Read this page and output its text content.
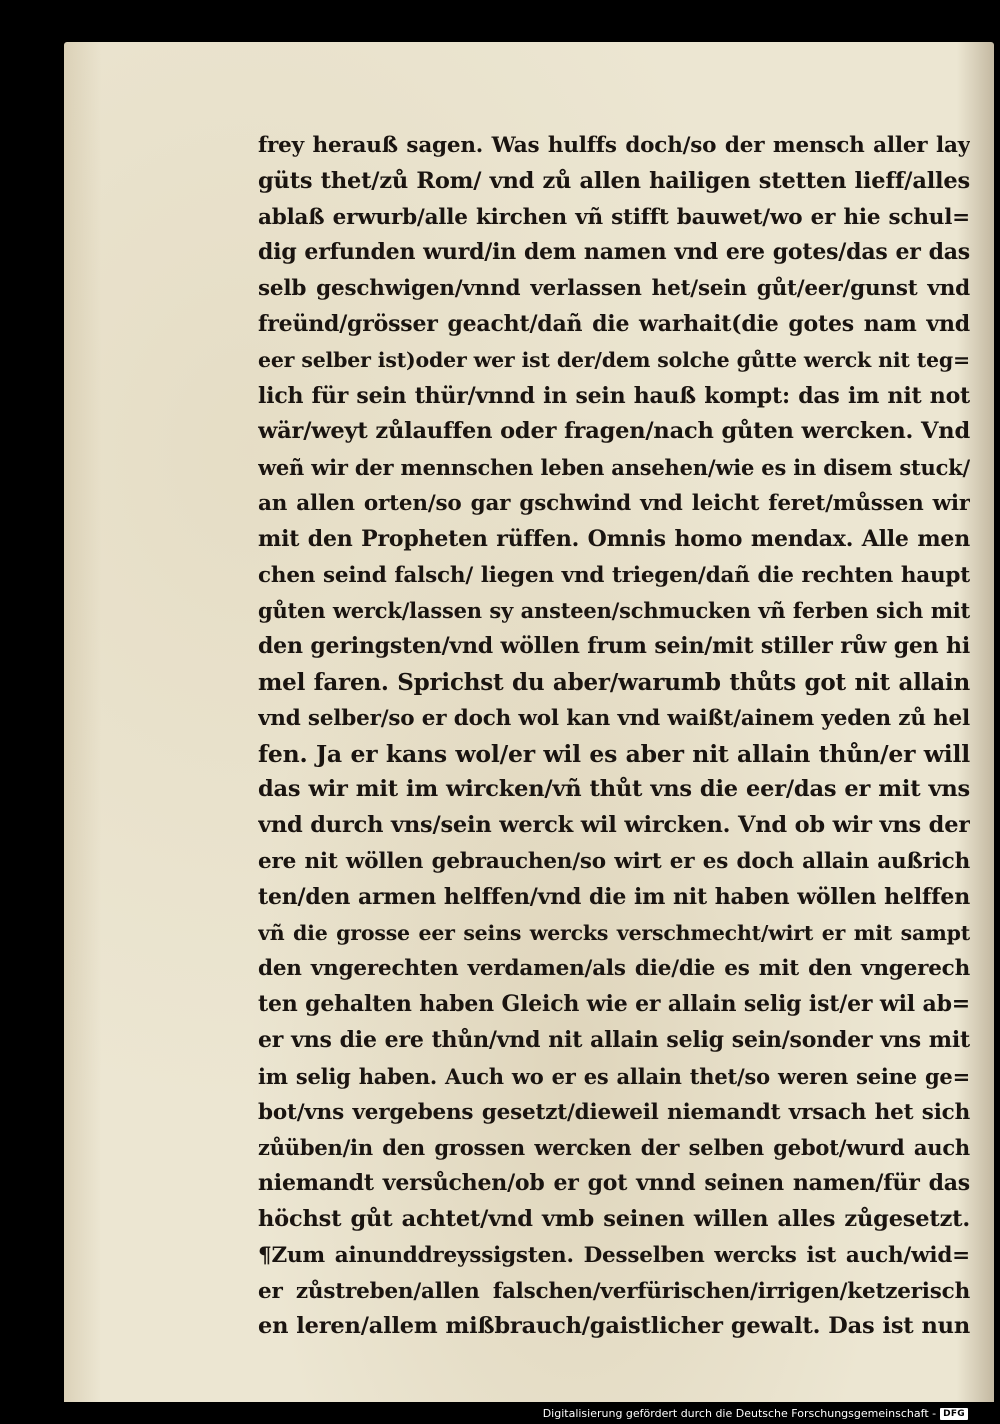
frey herauß sagen. Was hulffs doch/so der mensch aller lay
güts thet/zů Rom/ vnd zů allen hailigen stetten lieff/alles
ablaß erwurb/alle kirchen vñ stifft bauwet/wo er hie schul=
dig erfunden wurd/in dem namen vnd ere gotes/das er das
selb geschwigen/vnnd verlassen het/sein gůt/eer/gunst vnd
freünd/grösser geacht/dañ die warhait(die gotes nam vnd
eer selber ist)oder wer ist der/dem solche gůtte werck nit teg=
lich für sein thür/vnnd in sein hauß kompt: das im nit not
wär/weyt zůlauffen oder fragen/nach gůten wercken. Vnd
weñ wir der mennschen leben ansehen/wie es in disem stuck/
an allen orten/so gar gschwind vnd leicht feret/můssen wir
mit den Propheten rüffen. Omnis homo mendax. Alle men
chen seind falsch/ liegen vnd triegen/dañ die rechten haupt
gůten werck/lassen sy ansteen/schmucken vñ ferben sich mit
den geringsten/vnd wöllen frum sein/mit stiller růw gen hi
mel faren. Sprichst du aber/warumb thůts got nit allain
vnd selber/so er doch wol kan vnd waißt/ainem yeden zů hel
fen. Ja er kans wol/er wil es aber nit allain thůn/er will
das wir mit im wircken/vñ thůt vns die eer/das er mit vns
vnd durch vns/sein werck wil wircken. Vnd ob wir vns der
ere nit wöllen gebrauchen/so wirt er es doch allain außrich
ten/den armen helffen/vnd die im nit haben wöllen helffen
vñ die grosse eer seins wercks verschmecht/wirt er mit sampt
den vngerechten verdamen/als die/die es mit den vngerech
ten gehalten haben Gleich wie er allain selig ist/er wil ab=
er vns die ere thůn/vnd nit allain selig sein/sonder vns mit
im selig haben. Auch wo er es allain thet/so weren seine ge=
bot/vns vergebens gesetzt/dieweil niemandt vrsach het sich
zůüben/in den grossen wercken der selben gebot/wurd auch
niemandt versůchen/ob er got vnnd seinen namen/für das
höchst gůt achtet/vnd vmb seinen willen alles zůgesetzt.
¶Zum ainunddreyssigsten. Desselben wercks ist auch/wid=
er zůstreben/allen falschen/verfürischen/irrigen/ketzerisch
en leren/allem mißbrauch/gaistlicher gewalt. Das ist nun
Digitalisierung gefördert durch die Deutsche Forschungsgemeinschaft - DFG
